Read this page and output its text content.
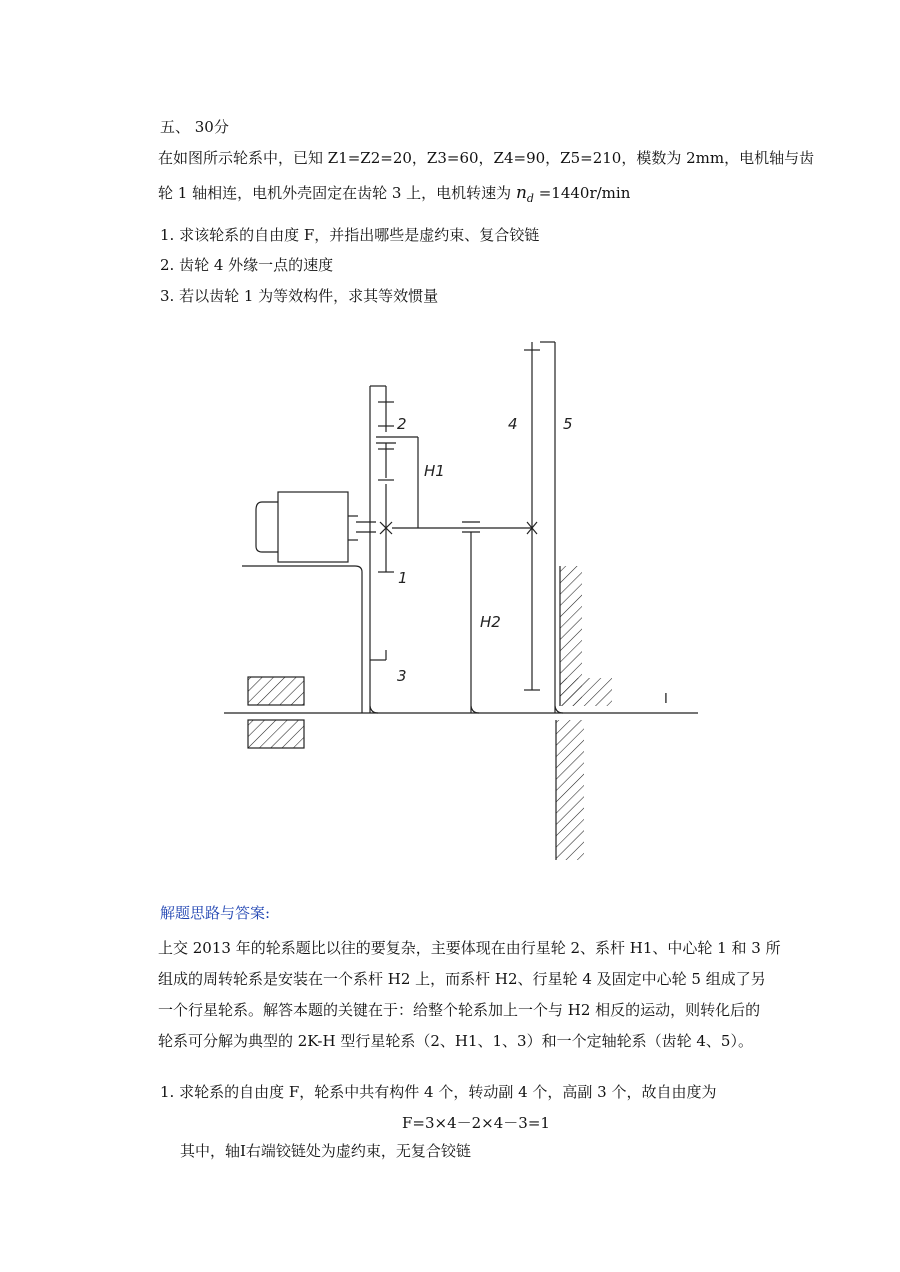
五、 30分
在如图所示轮系中，已知 Z1=Z2=20，Z3=60，Z4=90，Z5=210，模数为 2mm，电机轴与齿
轮 1 轴相连，电机外壳固定在齿轮 3 上，电机转速为 $n_d =1440r/\min$
1. 求该轮系的自由度 F，并指出哪些是虚约束、复合铰链
2. 齿轮 4 外缘一点的速度
3. 若以齿轮 1 为等效构件，求其等效惯量
2
1
3
4	5
H1
H2
I
解题思路与答案:
上交 2013 年的轮系题比以往的要复杂，主要体现在由行星轮 2、系杆 H1、中心轮 1 和 3 所
组成的周转轮系是安装在一个系杆 H2 上，而系杆 H2、行星轮 4 及固定中心轮 5 组成了另
一个行星轮系。解答本题的关键在于：给整个轮系加上一个与 H2 相反的运动，则转化后的
轮系可分解为典型的 2K-H 型行星轮系（2、H1、1、3）和一个定轴轮系（齿轮 4、5）。
1. 求轮系的自由度 F，轮系中共有构件 4 个，转动副 4 个，高副 3 个，故自由度为
F=3×4－2×4－3=1
其中，轴Ⅰ右端铰链处为虚约束，无复合铰链
